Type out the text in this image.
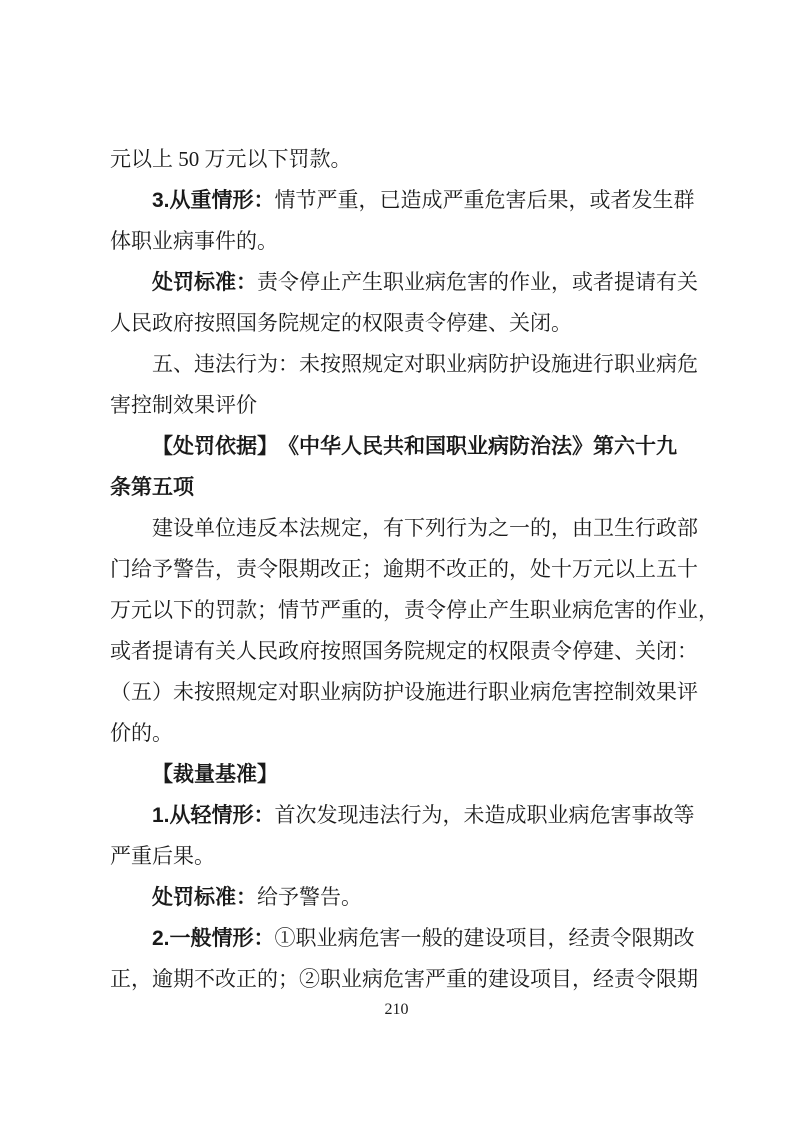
元以上 50 万元以下罚款。
3.从重情形：情节严重，已造成严重危害后果，或者发生群
体职业病事件的。
处罚标准：责令停止产生职业病危害的作业，或者提请有关
人民政府按照国务院规定的权限责令停建、关闭。
五、违法行为：未按照规定对职业病防护设施进行职业病危
害控制效果评价
【处罚依据】　《中华人民共和国职业病防治法》第六十九
条第五项
建设单位违反本法规定，有下列行为之一的，由卫生行政部
门给予警告，责令限期改正；逾期不改正的，处十万元以上五十
万元以下的罚款；情节严重的，责令停止产生职业病危害的作业，
或者提请有关人民政府按照国务院规定的权限责令停建、关闭：
（五）未按照规定对职业病防护设施进行职业病危害控制效果评
价的。
【裁量基准】
1.从轻情形：首次发现违法行为，未造成职业病危害事故等
严重后果。
处罚标准：给予警告。
2.一般情形：①职业病危害一般的建设项目，经责令限期改
正，逾期不改正的；②职业病危害严重的建设项目，经责令限期
210
